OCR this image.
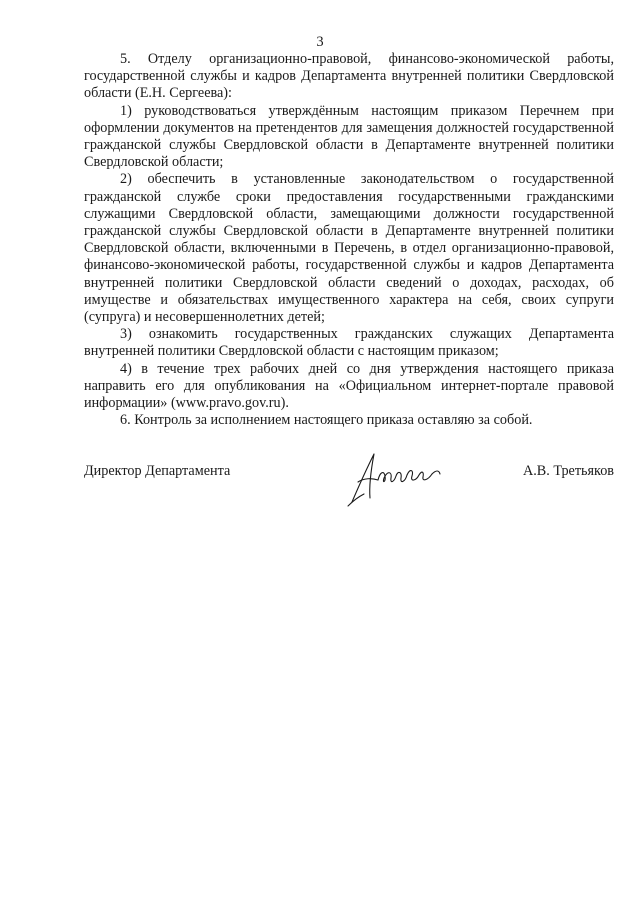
3

5. Отделу организационно-правовой, финансово-экономической работы, государственной службы и кадров Департамента внутренней политики Свердловской области (Е.Н. Сергеева):

1) руководствоваться утверждённым настоящим приказом Перечнем при оформлении документов на претендентов для замещения должностей государственной гражданской службы Свердловской области в Департаменте внутренней политики Свердловской области;

2) обеспечить в установленные законодательством о государственной гражданской службе сроки предоставления государственными гражданскими служащими Свердловской области, замещающими должности государственной гражданской службы Свердловской области в Департаменте внутренней политики Свердловской области, включенными в Перечень, в отдел организационно-правовой, финансово-экономической работы, государственной службы и кадров Департамента внутренней политики Свердловской области сведений о доходах, расходах, об имуществе и обязательствах имущественного характера на себя, своих супруги (супруга) и несовершеннолетних детей;

3) ознакомить государственных гражданских служащих Департамента внутренней политики Свердловской области с настоящим приказом;

4) в течение трех рабочих дней со дня утверждения настоящего приказа направить его для опубликования на «Официальном интернет-портале правовой информации» (www.pravo.gov.ru).

6. Контроль за исполнением настоящего приказа оставляю за собой.

Директор Департамента	А.В. Третьяков
